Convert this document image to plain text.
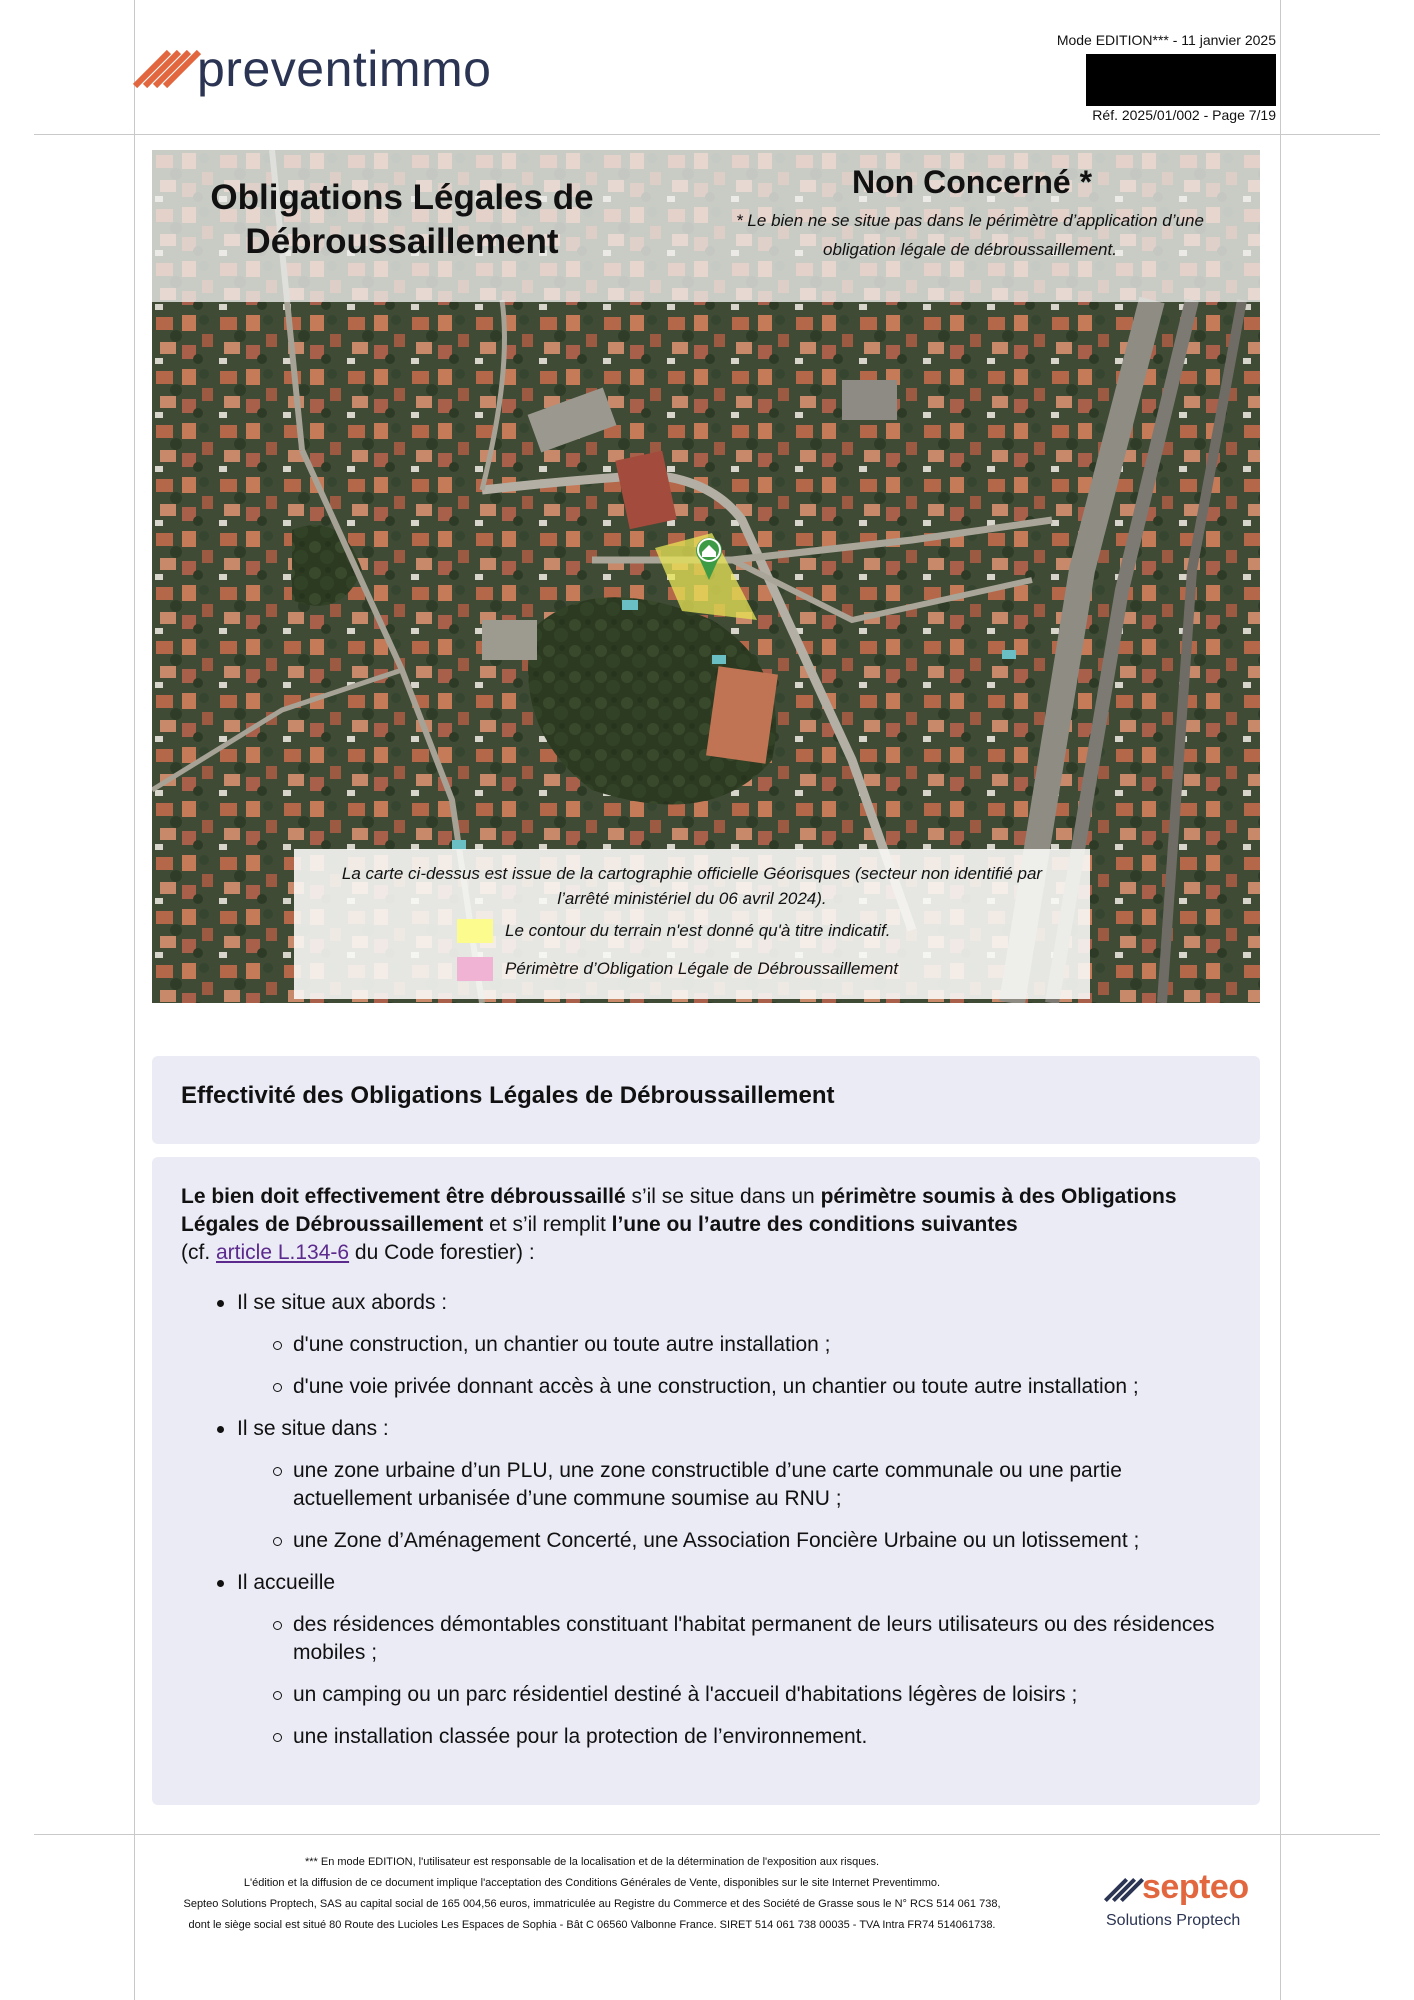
preventimmo
Mode EDITION*** - 11 janvier 2025
Réf. 2025/01/002 - Page 7/19
Obligations Légales de
Débroussaillement
Non Concerné *
* Le bien ne se situe pas dans le périmètre d’application d’une
obligation légale de débroussaillement.
La carte ci-dessus est issue de la cartographie officielle Géorisques (secteur non identifié par
l’arrêté ministériel du 06 avril 2024).
Le contour du terrain n'est donné qu'à titre indicatif.
Périmètre d’Obligation Légale de Débroussaillement
Effectivité des Obligations Légales de Débroussaillement
Le bien doit effectivement être débroussaillé s’il se situe dans un périmètre soumis à des Obligations Légales de Débroussaillement et s’il remplit l’une ou l’autre des conditions suivantes
(cf. article L.134-6 du Code forestier) :
Il se situe aux abords :
d'une construction, un chantier ou toute autre installation ;
d'une voie privée donnant accès à une construction, un chantier ou toute autre installation ;
Il se situe dans :
une zone urbaine d’un PLU, une zone constructible d’une carte communale ou une partie actuellement urbanisée d’une commune soumise au RNU ;
une Zone d’Aménagement Concerté, une Association Foncière Urbaine ou un lotissement ;
Il accueille
des résidences démontables constituant l'habitat permanent de leurs utilisateurs ou des résidences mobiles ;
un camping ou un parc résidentiel destiné à l'accueil d'habitations légères de loisirs ;
une installation classée pour la protection de l’environnement.
*** En mode EDITION, l'utilisateur est responsable de la localisation et de la détermination de l'exposition aux risques.
L'édition et la diffusion de ce document implique l'acceptation des Conditions Générales de Vente, disponibles sur le site Internet Preventimmo.
Septeo Solutions Proptech, SAS au capital social de 165 004,56 euros, immatriculée au Registre du Commerce et des Société de Grasse sous le N° RCS 514 061 738,
dont le siège social est situé 80 Route des Lucioles Les Espaces de Sophia - Bât C 06560 Valbonne France. SIRET 514 061 738 00035 - TVA Intra FR74 514061738.
septeo
Solutions Proptech
